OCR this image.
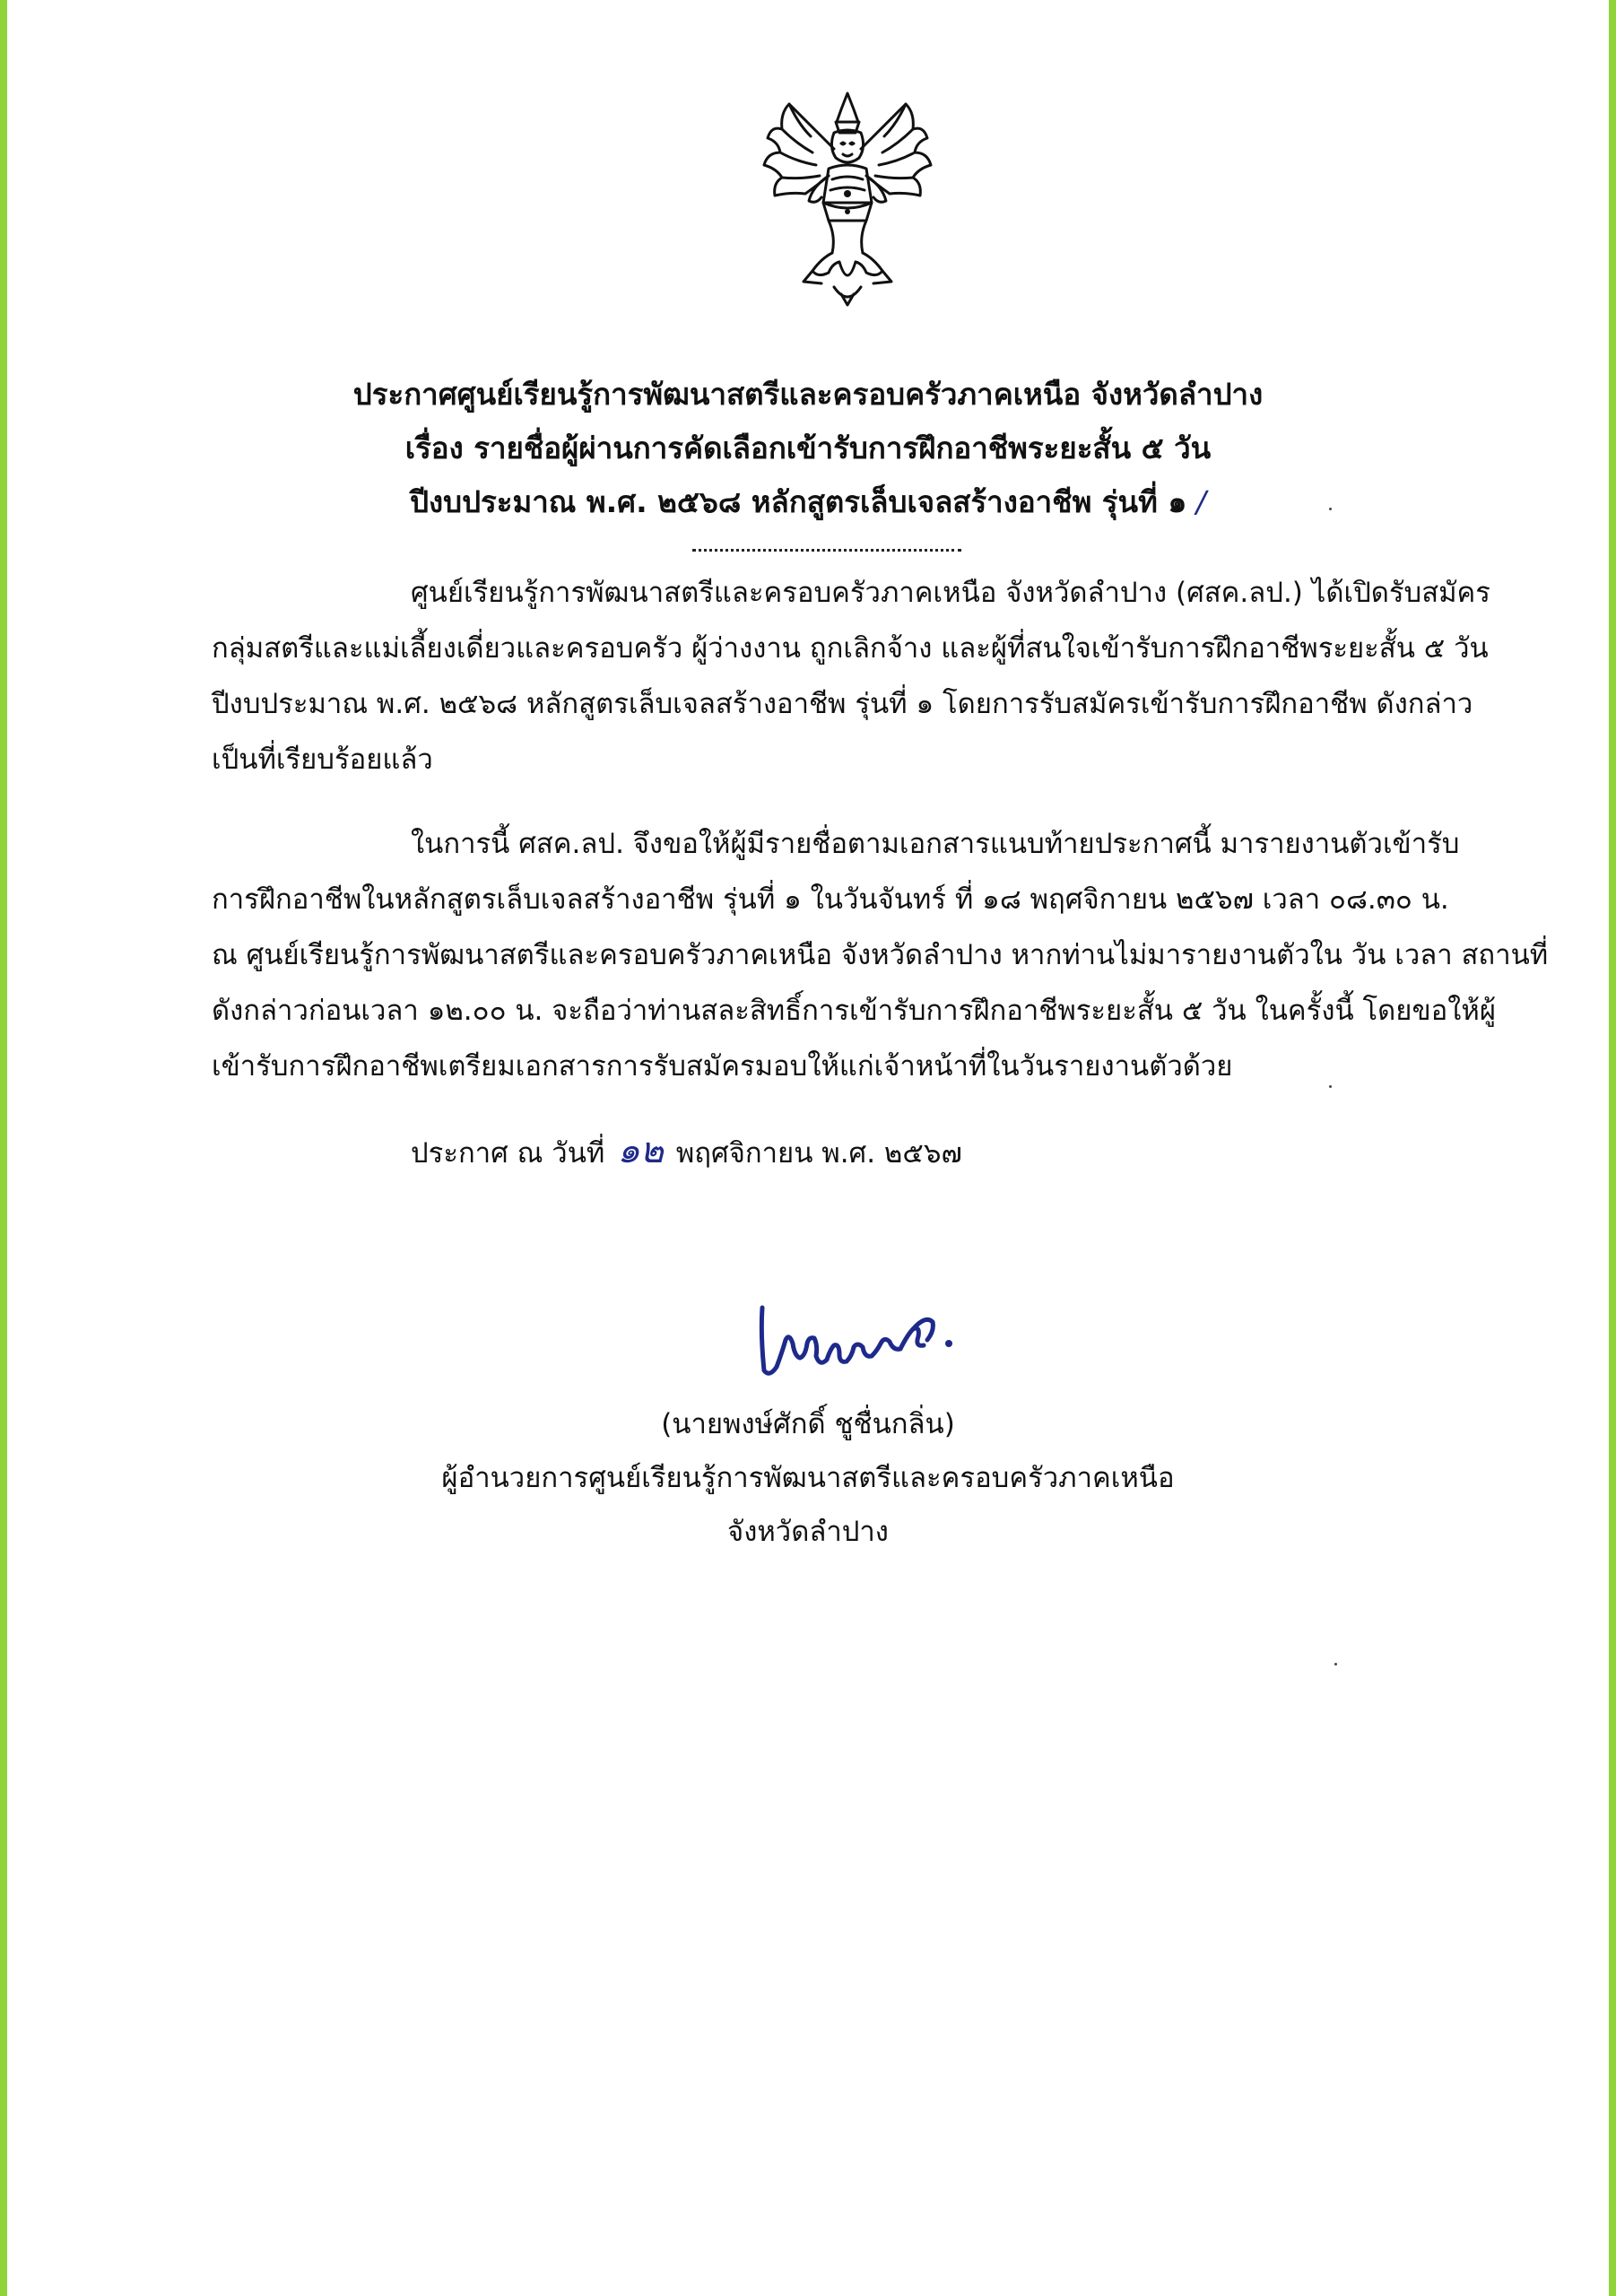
ประกาศศูนย์เรียนรู้การพัฒนาสตรีและครอบครัวภาคเหนือ จังหวัดลำปาง
เรื่อง รายชื่อผู้ผ่านการคัดเลือกเข้ารับการฝึกอาชีพระยะสั้น ๕ วัน
ปีงบประมาณ พ.ศ. ๒๕๖๘ หลักสูตรเล็บเจลสร้างอาชีพ รุ่นที่ ๑ /
ศูนย์เรียนรู้การพัฒนาสตรีและครอบครัวภาคเหนือ จังหวัดลำปาง (ศสค.ลป.) ได้เปิดรับสมัคร
กลุ่มสตรีและแม่เลี้ยงเดี่ยวและครอบครัว ผู้ว่างงาน ถูกเลิกจ้าง และผู้ที่สนใจเข้ารับการฝึกอาชีพระยะสั้น ๕ วัน
ปีงบประมาณ พ.ศ. ๒๕๖๘ หลักสูตรเล็บเจลสร้างอาชีพ รุ่นที่ ๑ โดยการรับสมัครเข้ารับการฝึกอาชีพ ดังกล่าว
เป็นที่เรียบร้อยแล้ว
ในการนี้ ศสค.ลป. จึงขอให้ผู้มีรายชื่อตามเอกสารแนบท้ายประกาศนี้ มารายงานตัวเข้ารับ
การฝึกอาชีพในหลักสูตรเล็บเจลสร้างอาชีพ รุ่นที่ ๑ ในวันจันทร์ ที่ ๑๘ พฤศจิกายน ๒๕๖๗ เวลา ๐๘.๓๐ น.
ณ ศูนย์เรียนรู้การพัฒนาสตรีและครอบครัวภาคเหนือ จังหวัดลำปาง หากท่านไม่มารายงานตัวใน วัน เวลา สถานที่
ดังกล่าวก่อนเวลา ๑๒.๐๐ น. จะถือว่าท่านสละสิทธิ์การเข้ารับการฝึกอาชีพระยะสั้น ๕ วัน ในครั้งนี้ โดยขอให้ผู้
เข้ารับการฝึกอาชีพเตรียมเอกสารการรับสมัครมอบให้แก่เจ้าหน้าที่ในวันรายงานตัวด้วย
ประกาศ ณ วันที่ ๑๒ พฤศจิกายน พ.ศ. ๒๕๖๗
(นายพงษ์ศักดิ์ ชูชื่นกลิ่น)
ผู้อำนวยการศูนย์เรียนรู้การพัฒนาสตรีและครอบครัวภาคเหนือ
จังหวัดลำปาง
